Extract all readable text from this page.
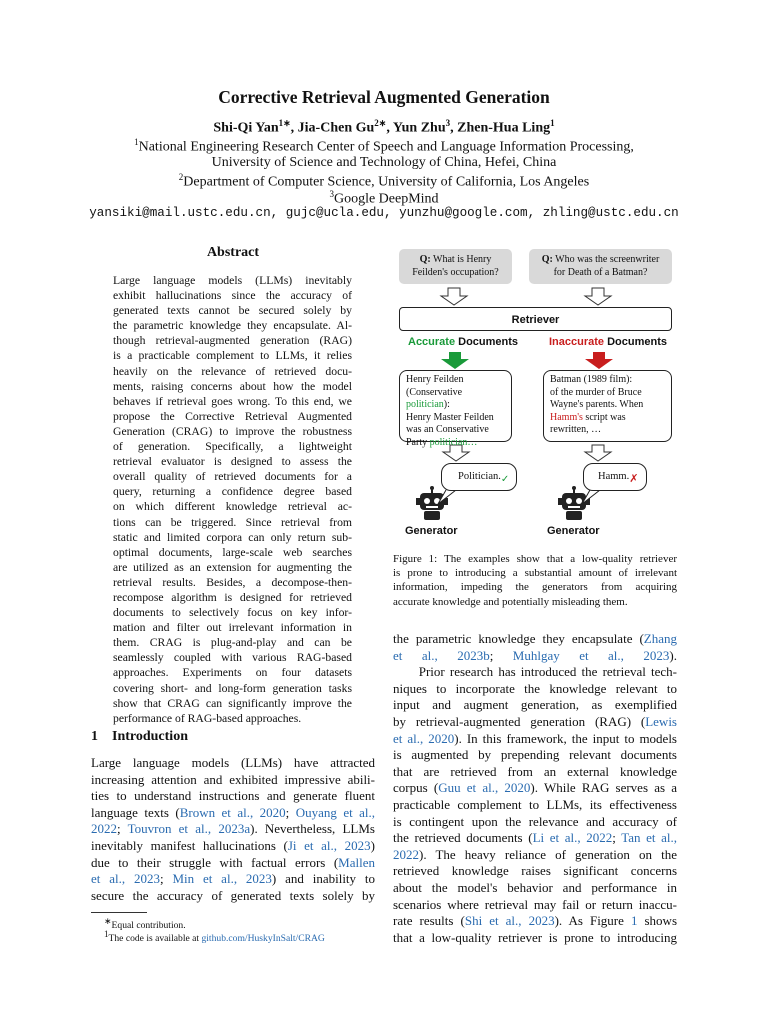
Corrective Retrieval Augmented Generation
Shi-Qi Yan$^{1∗}$, Jia-Chen $Gu^{2∗}$, Yun Zhu$^3$, Zhen-Hua Ling$^1$
$^1$National Engineering Research Center of Speech and Language Information Processing,
University of Science and Technology of China, Hefei, China
$^2$Department of Computer Science, University of California, Los Angeles
$^3$Google DeepMind
yansiki@mail.ustc.edu.cn, gujc@ucla.edu, yunzhu@google.com, zhling@ustc.edu.cn
Abstract
Large language models (LLMs) inevitably
exhibit hallucinations since the accuracy of
generated texts cannot be secured solely by
the parametric knowledge they encapsulate. Al-
though retrieval-augmented generation (RAG)
is a practicable complement to LLMs, it relies
heavily on the relevance of retrieved docu-
ments, raising concerns about how the model
behaves if retrieval goes wrong. To this end, we
propose the Corrective Retrieval Augmented
Generation (CRAG) to improve the robustness
of generation. Specifically, a lightweight
retrieval evaluator is designed to assess the
overall quality of retrieved documents for a
query, returning a confidence degree based
on which different knowledge retrieval ac-
tions can be triggered. Since retrieval from
static and limited corpora can only return sub-
optimal documents, large-scale web searches
are utilized as an extension for augmenting the
retrieval results. Besides, a decompose-then-
recompose algorithm is designed for retrieved
documents to selectively focus on key infor-
mation and filter out irrelevant information in
them. CRAG is plug-and-play and can be
seamlessly coupled with various RAG-based
approaches. Experiments on four datasets
covering short- and long-form generation tasks
show that CRAG can significantly improve the
performance of RAG-based approaches.
1 Introduction
Large language models (LLMs) have attracted
increasing attention and exhibited impressive abili-
ties to understand instructions and generate fluent
language texts (Brown et al., 2020; Ouyang et al.,
2022; Touvron et al., 2023a). Nevertheless, LLMs
inevitably manifest hallucinations (Ji et al., 2023)
due to their struggle with factual errors (Mallen
et al., 2023; Min et al., 2023) and inability to
secure the accuracy of generated texts solely by
∗Equal contribution.
$^1$The code is available at github.com/HuskyInSalt/CRAG
Q: What is Henry
Feilden's occupation?
Q: Who was the screenwriter
for Death of a Batman?
Retriever
Accurate Documents	Inaccurate Documents
Henry Feilden
(Conservative politician):
Henry Master Feilden
was an Conservative
Party politician…
Batman (1989 film):
of the murder of Bruce
Wayne's parents. When
Hamm's script was
rewritten, …
Politician.✓	Hamm.✗
Generator	Generator
Figure 1: The examples show that a low-quality retriever
is prone to introducing a substantial amount of irrelevant
information, impeding the generators from acquiring
accurate knowledge and potentially misleading them.
the parametric knowledge they encapsulate (Zhang
et al., 2023b; Muhlgay et al., 2023).
Prior research has introduced the retrieval tech-
niques to incorporate the knowledge relevant to
input and augment generation, as exemplified
by retrieval-augmented generation (RAG) (Lewis
et al., 2020). In this framework, the input to models
is augmented by prepending relevant documents
that are retrieved from an external knowledge
corpus (Guu et al., 2020). While RAG serves as a
practicable complement to LLMs, its effectiveness
is contingent upon the relevance and accuracy of
the retrieved documents (Li et al., 2022; Tan et al.,
2022). The heavy reliance of generation on the
retrieved knowledge raises significant concerns
about the model's behavior and performance in
scenarios where retrieval may fail or return inaccu-
rate results (Shi et al., 2023). As Figure 1 shows
that a low-quality retriever is prone to introducing
